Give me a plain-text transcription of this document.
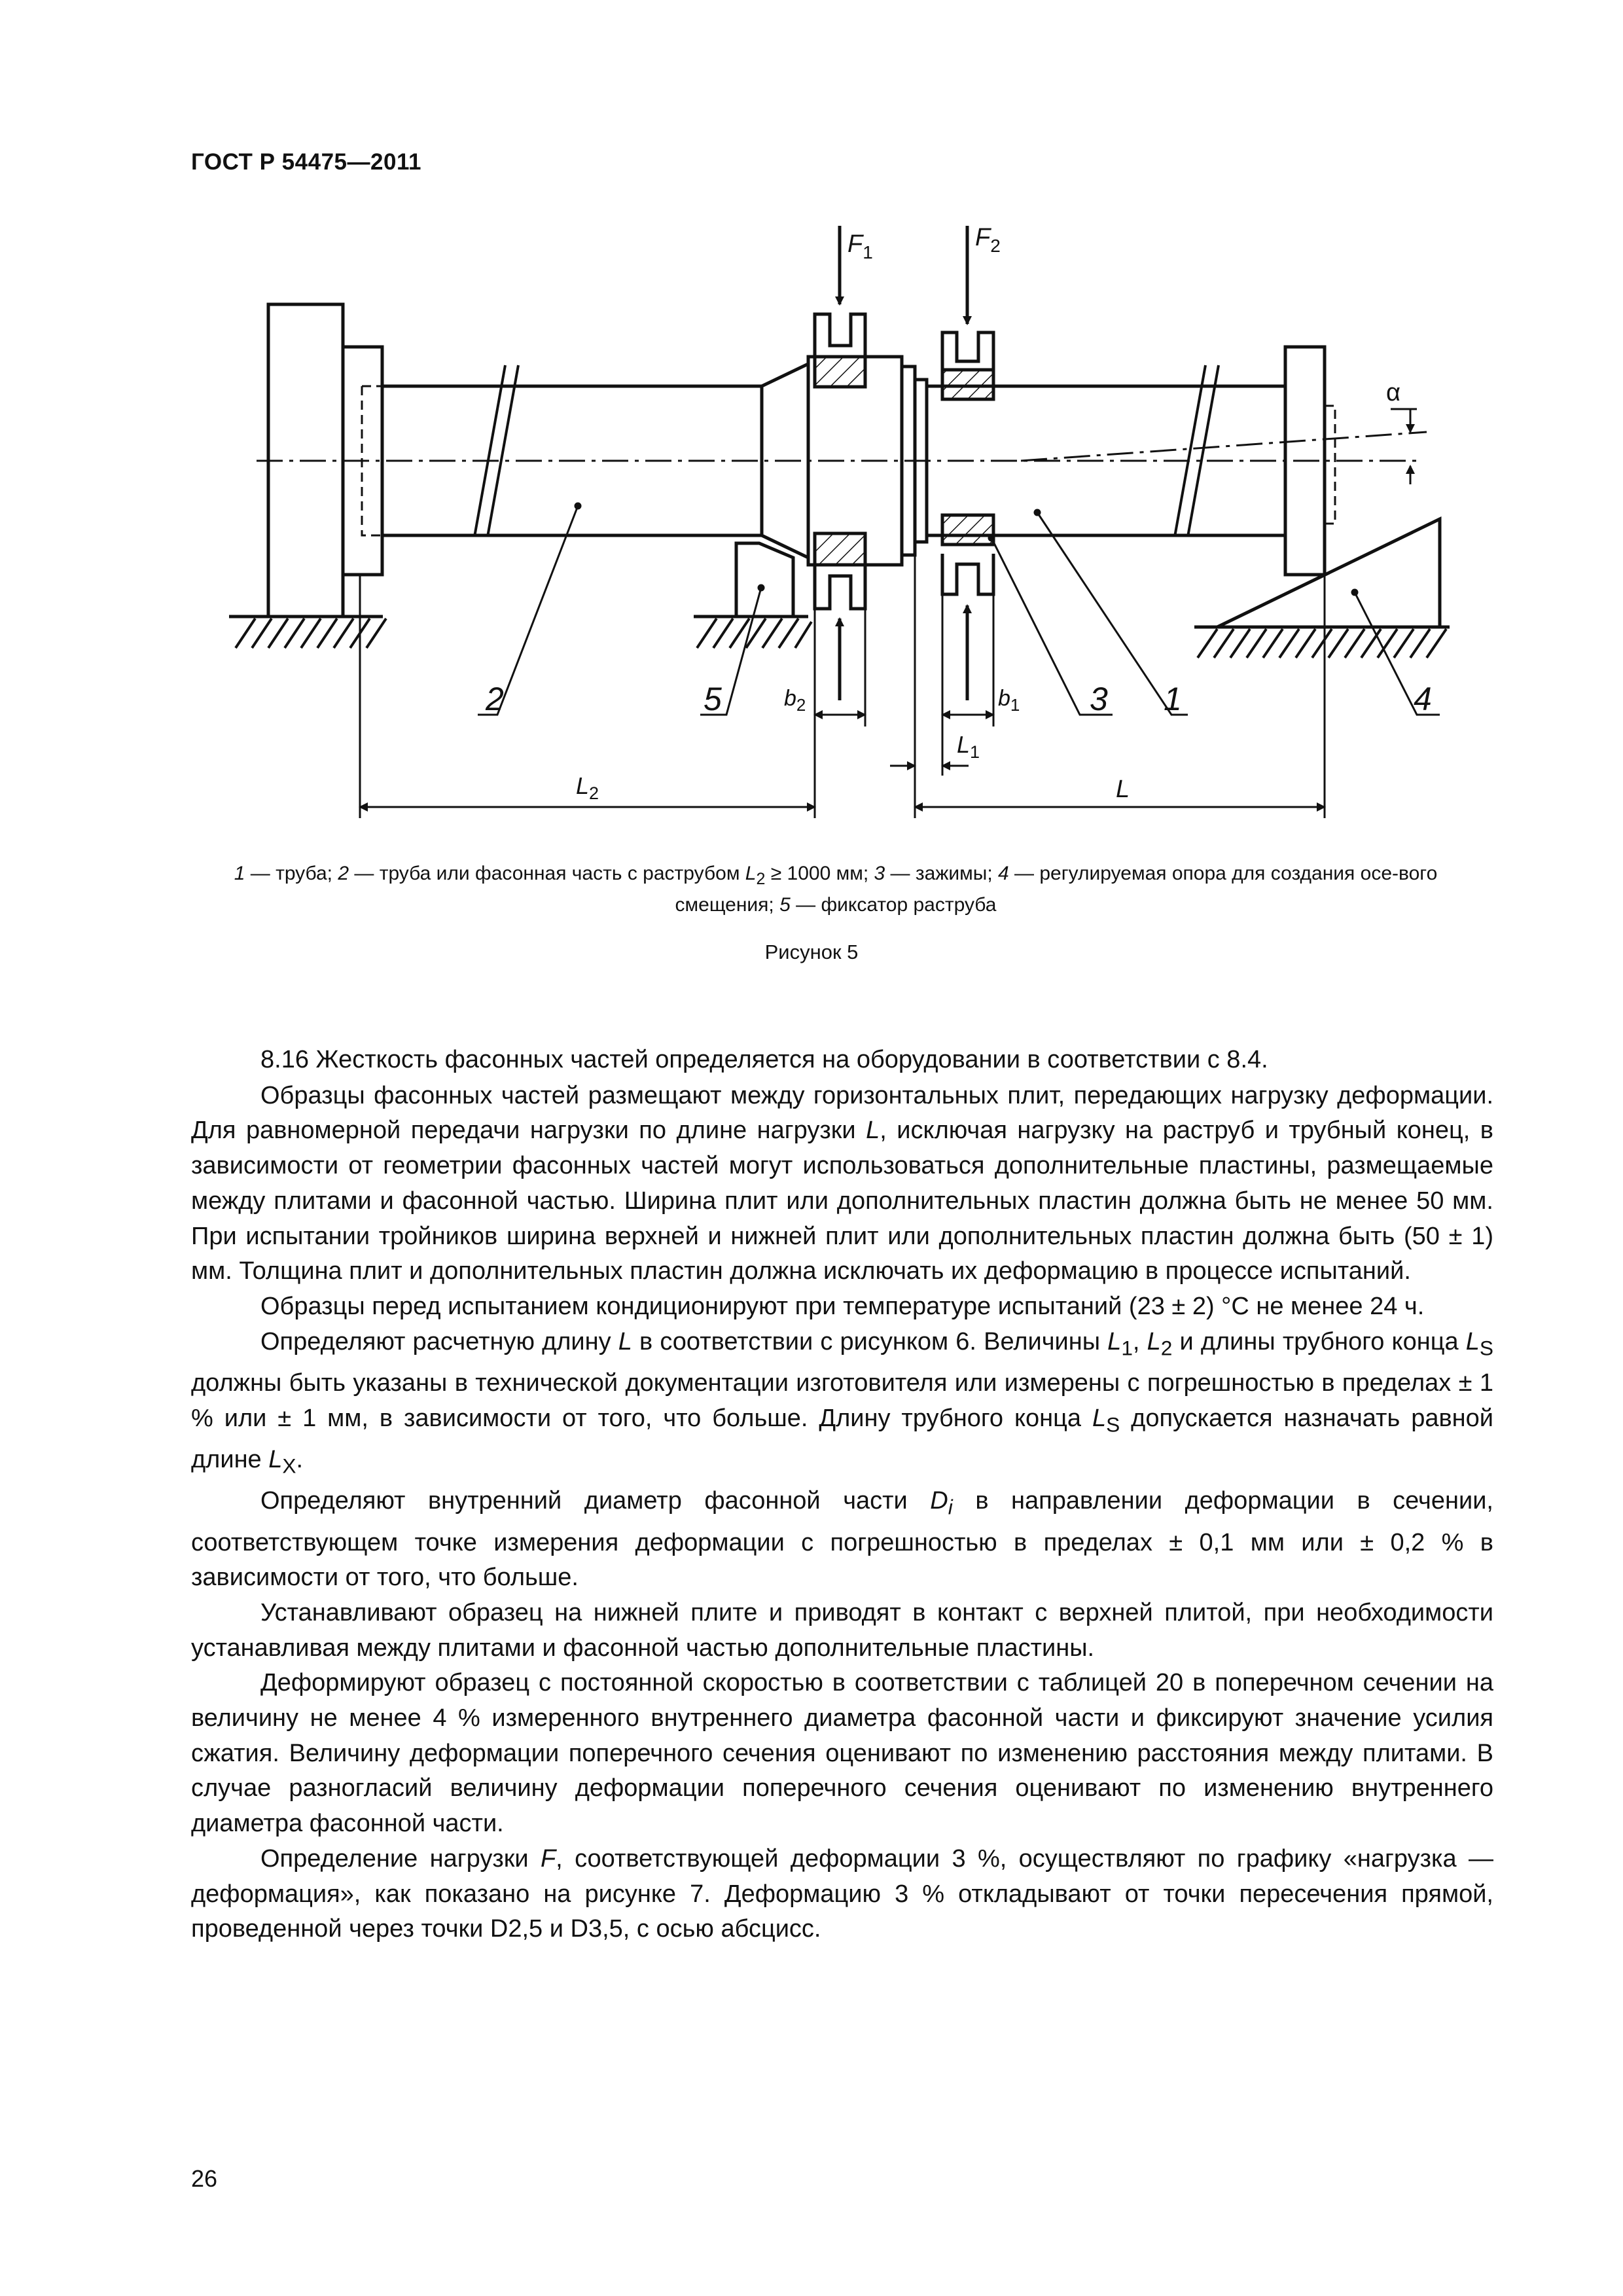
ГОСТ Р 54475—2011
$F_1$
$F_2$
α
2	5	3 1	4
$b_2$	$b_1$
$L_1$
$L_2$	L
1 — труба; 2 — труба или фасонная часть с раструбом $L_2 \ge 1000$ мм; 3 — зажимы; 4 — регулируемая опора для создания осе-вого смещения; 5 — фиксатор раструба
Рисунок 5

8.16 Жесткость фасонных частей определяется на оборудовании в соответствии с 8.4.

Образцы фасонных частей размещают между горизонтальных плит, передающих нагрузку деформации. Для равномерной передачи нагрузки по длине нагрузки L, исключая нагрузку на раструб и трубный конец, в зависимости от геометрии фасонных частей могут использоваться дополнительные пластины, размещаемые между плитами и фасонной частью. Ширина плит или дополнительных пластин должна быть не менее 50 мм. При испытании тройников ширина верхней и нижней плит или дополнительных пластин должна быть (50 ± 1) мм. Толщина плит и дополнительных пластин должна исключать их деформацию в процессе испытаний.

Образцы перед испытанием кондиционируют при температуре испытаний (23 ± 2) °С не менее 24 ч.

Определяют расчетную длину L в соответствии с рисунком 6. Величины $L_1$, $L_2$ и длины трубного конца $L_S$ должны быть указаны в технической документации изготовителя или измерены с погрешностью в пределах ± 1 % или ± 1 мм, в зависимости от того, что больше. Длину трубного конца $L_S$ допускается назначать равной длине $L_X$.

Определяют внутренний диаметр фасонной части $D_i$ в направлении деформации в сечении, соответствующем точке измерения деформации с погрешностью в пределах ± 0,1 мм или ± 0,2 % в зависимости от того, что больше.

Устанавливают образец на нижней плите и приводят в контакт с верхней плитой, при необходимости устанавливая между плитами и фасонной частью дополнительные пластины.

Деформируют образец с постоянной скоростью в соответствии с таблицей 20 в поперечном сечении на величину не менее 4 % измеренного внутреннего диаметра фасонной части и фиксируют значение усилия сжатия. Величину деформации поперечного сечения оценивают по изменению расстояния между плитами. В случае разногласий величину деформации поперечного сечения оценивают по изменению внутреннего диаметра фасонной части.

Определение нагрузки F, соответствующей деформации 3 %, осуществляют по графику «нагрузка — деформация», как показано на рисунке 7. Деформацию 3 % откладывают от точки пересечения прямой, проведенной через точки D2,5 и D3,5, с осью абсцисс.

26
